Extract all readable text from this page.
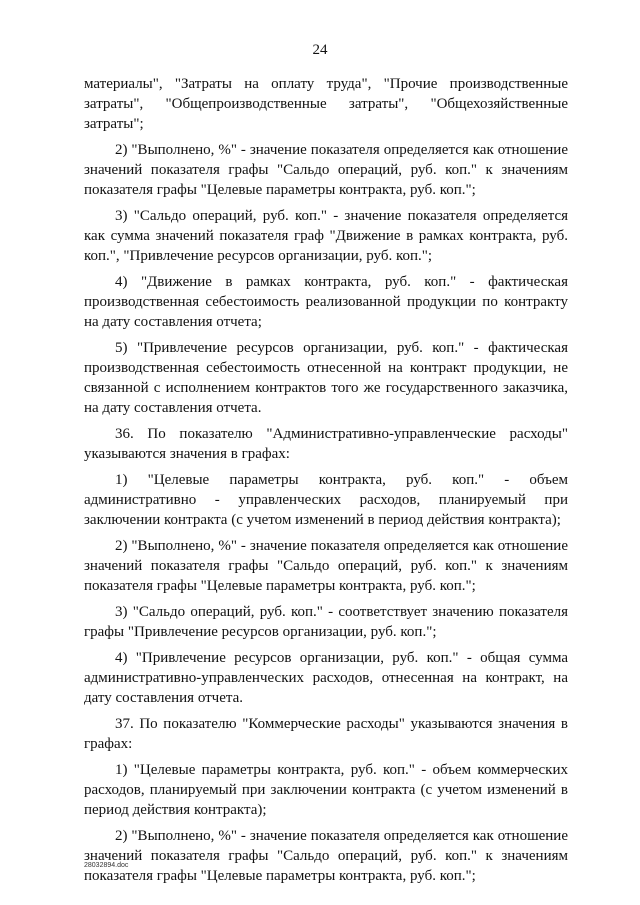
24

материалы", "Затраты на оплату труда", "Прочие производственные затраты", "Общепроизводственные затраты", "Общехозяйственные затраты";

2) "Выполнено, %" - значение показателя определяется как отношение значений показателя графы "Сальдо операций, руб. коп." к значениям показателя графы "Целевые параметры контракта, руб. коп.";

3) "Сальдо операций, руб. коп." - значение показателя определяется как сумма значений показателя граф "Движение в рамках контракта, руб. коп.", "Привлечение ресурсов организации, руб. коп.";

4) "Движение в рамках контракта, руб. коп." - фактическая производственная себестоимость реализованной продукции по контракту на дату составления отчета;

5) "Привлечение ресурсов организации, руб. коп." - фактическая производственная себестоимость отнесенной на контракт продукции, не связанной с исполнением контрактов того же государственного заказчика, на дату составления отчета.

36. По показателю "Административно-управленческие расходы" указываются значения в графах:

1) "Целевые параметры контракта, руб. коп." - объем административно - управленческих расходов, планируемый при заключении контракта (с учетом изменений в период действия контракта);

2) "Выполнено, %" - значение показателя определяется как отношение значений показателя графы "Сальдо операций, руб. коп." к значениям показателя графы "Целевые параметры контракта, руб. коп.";

3) "Сальдо операций, руб. коп." - соответствует значению показателя графы "Привлечение ресурсов организации, руб. коп.";

4) "Привлечение ресурсов организации, руб. коп." - общая сумма административно-управленческих расходов, отнесенная на контракт, на дату составления отчета.

37. По показателю "Коммерческие расходы" указываются значения в графах:

1) "Целевые параметры контракта, руб. коп." - объем коммерческих расходов, планируемый при заключении контракта (с учетом изменений в период действия контракта);

2) "Выполнено, %" - значение показателя определяется как отношение значений показателя графы "Сальдо операций, руб. коп." к значениям показателя графы "Целевые параметры контракта, руб. коп.";

28032894.doc
